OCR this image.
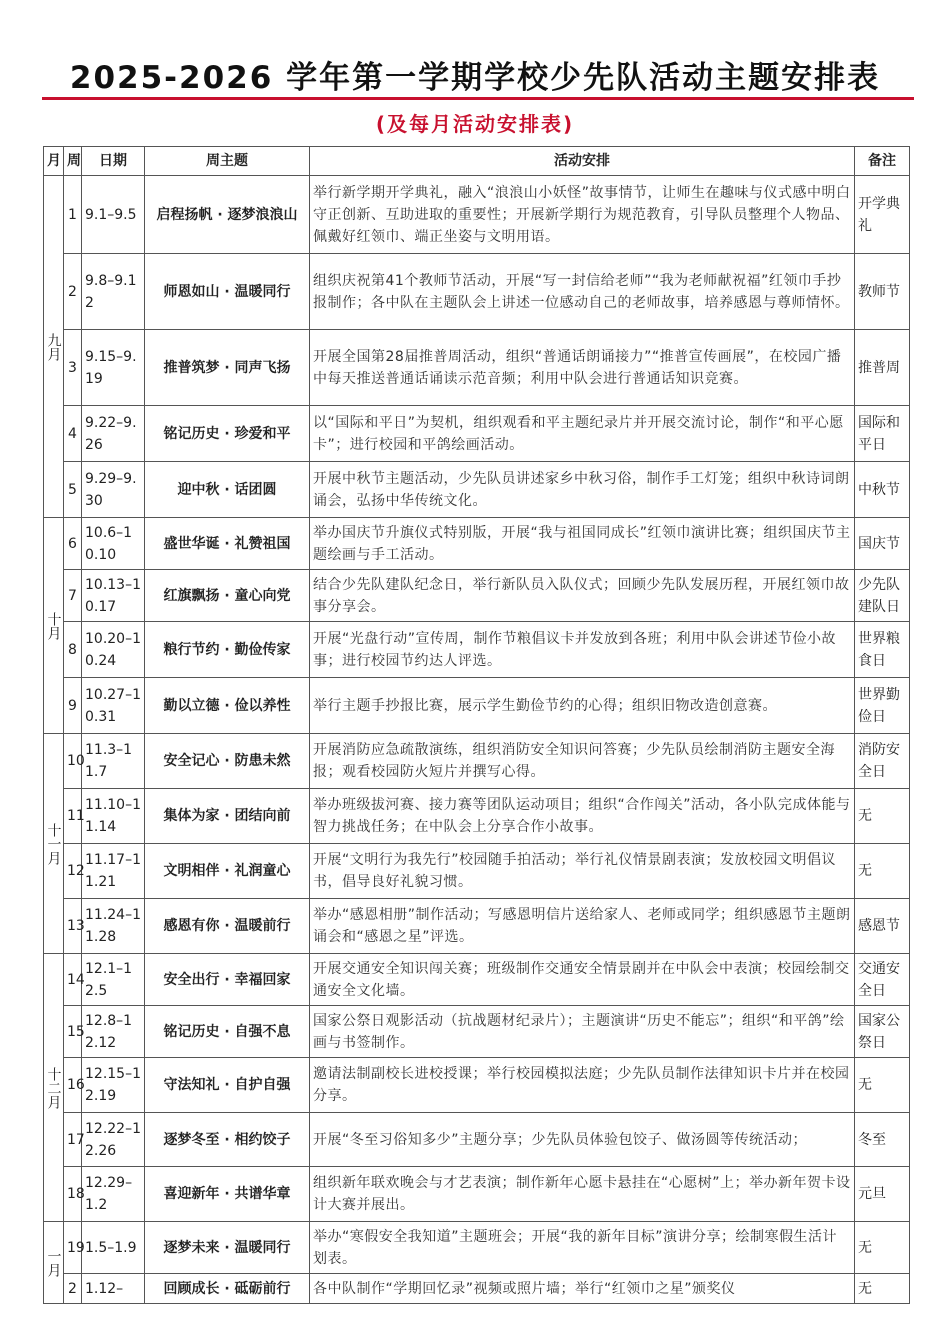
2025-2026 学年第一学期学校少先队活动主题安排表
(及每月活动安排表)
月	周	日期	周主题	活动安排	备注
九月	1	9.1–9.5	启程扬帆 · 逐梦浪浪山	举行新学期开学典礼，融入“浪浪山小妖怪”故事情节，让师生在趣味与仪式感中明白守正创新、互助进取的重要性；开展新学期行为规范教育，引导队员整理个人物品、佩戴好红领巾、端正坐姿与文明用语。	开学典礼
	2	9.8–9.12	师恩如山 · 温暖同行	组织庆祝第41个教师节活动，开展“写一封信给老师”“我为老师献祝福”红领巾手抄报制作；各中队在主题队会上讲述一位感动自己的老师故事，培养感恩与尊师情怀。	教师节
	3	9.15–9.19	推普筑梦 · 同声飞扬	开展全国第28届推普周活动，组织“普通话朗诵接力”“推普宣传画展”，在校园广播中每天推送普通话诵读示范音频；利用中队会进行普通话知识竞赛。	推普周
	4	9.22–9.26	铭记历史 · 珍爱和平	以“国际和平日”为契机，组织观看和平主题纪录片并开展交流讨论，制作“和平心愿卡”；进行校园和平鸽绘画活动。	国际和平日
	5	9.29–9.30	迎中秋 · 话团圆	开展中秋节主题活动，少先队员讲述家乡中秋习俗，制作手工灯笼；组织中秋诗词朗诵会，弘扬中华传统文化。	中秋节
十月	6	10.6–10.10	盛世华诞 · 礼赞祖国	举办国庆节升旗仪式特别版，开展“我与祖国同成长”红领巾演讲比赛；组织国庆节主题绘画与手工活动。	国庆节
	7	10.13–10.17	红旗飘扬 · 童心向党	结合少先队建队纪念日，举行新队员入队仪式；回顾少先队发展历程，开展红领巾故事分享会。	少先队建队日
	8	10.20–10.24	粮行节约 · 勤俭传家	开展“光盘行动”宣传周，制作节粮倡议卡并发放到各班；利用中队会讲述节俭小故事；进行校园节约达人评选。	世界粮食日
	9	10.27–10.31	勤以立德 · 俭以养性	举行主题手抄报比赛，展示学生勤俭节约的心得；组织旧物改造创意赛。	世界勤俭日
十一月	10	11.3–11.7	安全记心 · 防患未然	开展消防应急疏散演练，组织消防安全知识问答赛；少先队员绘制消防主题安全海报；观看校园防火短片并撰写心得。	消防安全日
	11	11.10–11.14	集体为家 · 团结向前	举办班级拔河赛、接力赛等团队运动项目；组织“合作闯关”活动，各小队完成体能与智力挑战任务；在中队会上分享合作小故事。	无
	12	11.17–11.21	文明相伴 · 礼润童心	开展“文明行为我先行”校园随手拍活动；举行礼仪情景剧表演；发放校园文明倡议书，倡导良好礼貌习惯。	无
	13	11.24–11.28	感恩有你 · 温暖前行	举办“感恩相册”制作活动；写感恩明信片送给家人、老师或同学；组织感恩节主题朗诵会和“感恩之星”评选。	感恩节
十二月	14	12.1–12.5	安全出行 · 幸福回家	开展交通安全知识闯关赛；班级制作交通安全情景剧并在中队会中表演；校园绘制交通安全文化墙。	交通安全日
	15	12.8–12.12	铭记历史 · 自强不息	国家公祭日观影活动（抗战题材纪录片）；主题演讲“历史不能忘”；组织“和平鸽”绘画与书签制作。	国家公祭日
	16	12.15–12.19	守法知礼 · 自护自强	邀请法制副校长进校授课；举行校园模拟法庭；少先队员制作法律知识卡片并在校园分享。	无
	17	12.22–12.26	逐梦冬至 · 相约饺子	开展“冬至习俗知多少”主题分享；少先队员体验包饺子、做汤圆等传统活动；	冬至
	18	12.29–1.2	喜迎新年 · 共谱华章	组织新年联欢晚会与才艺表演；制作新年心愿卡悬挂在“心愿树”上；举办新年贺卡设计大赛并展出。	元旦
一月	19	1.5–1.9	逐梦未来 · 温暖同行	举办“寒假安全我知道”主题班会；开展“我的新年目标”演讲分享；绘制寒假生活计划表。	无
	2	1.12–	回顾成长 · 砥砺前行	各中队制作“学期回忆录”视频或照片墙；举行“红领巾之星”颁奖仪	无
